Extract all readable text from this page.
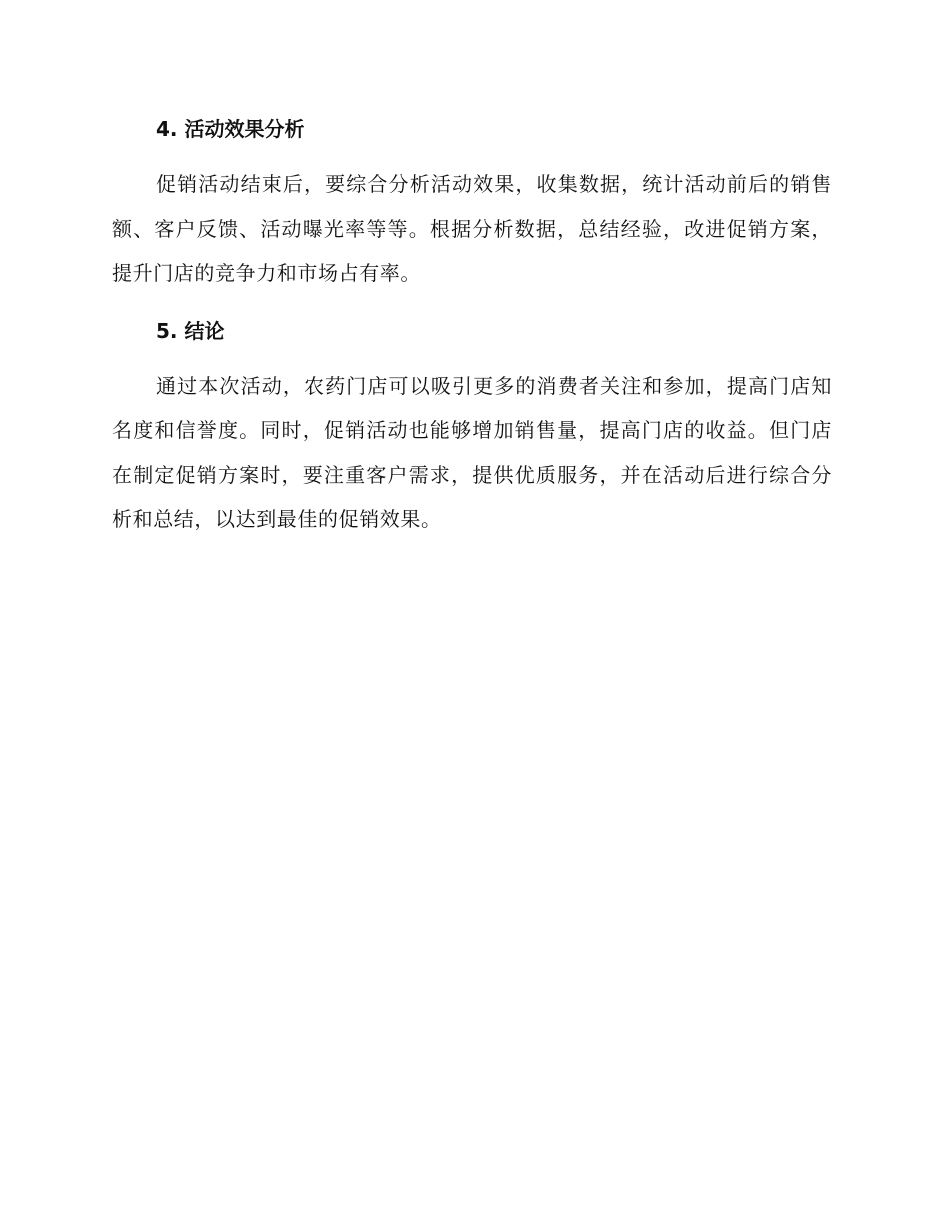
4. 活动效果分析

促销活动结束后，要综合分析活动效果，收集数据，统计活动前后的销售额、客户反馈、活动曝光率等等。根据分析数据，总结经验，改进促销方案，提升门店的竞争力和市场占有率。

5. 结论

通过本次活动，农药门店可以吸引更多的消费者关注和参加，提高门店知名度和信誉度。同时，促销活动也能够增加销售量，提高门店的收益。但门店在制定促销方案时，要注重客户需求，提供优质服务，并在活动后进行综合分析和总结，以达到最佳的促销效果。
